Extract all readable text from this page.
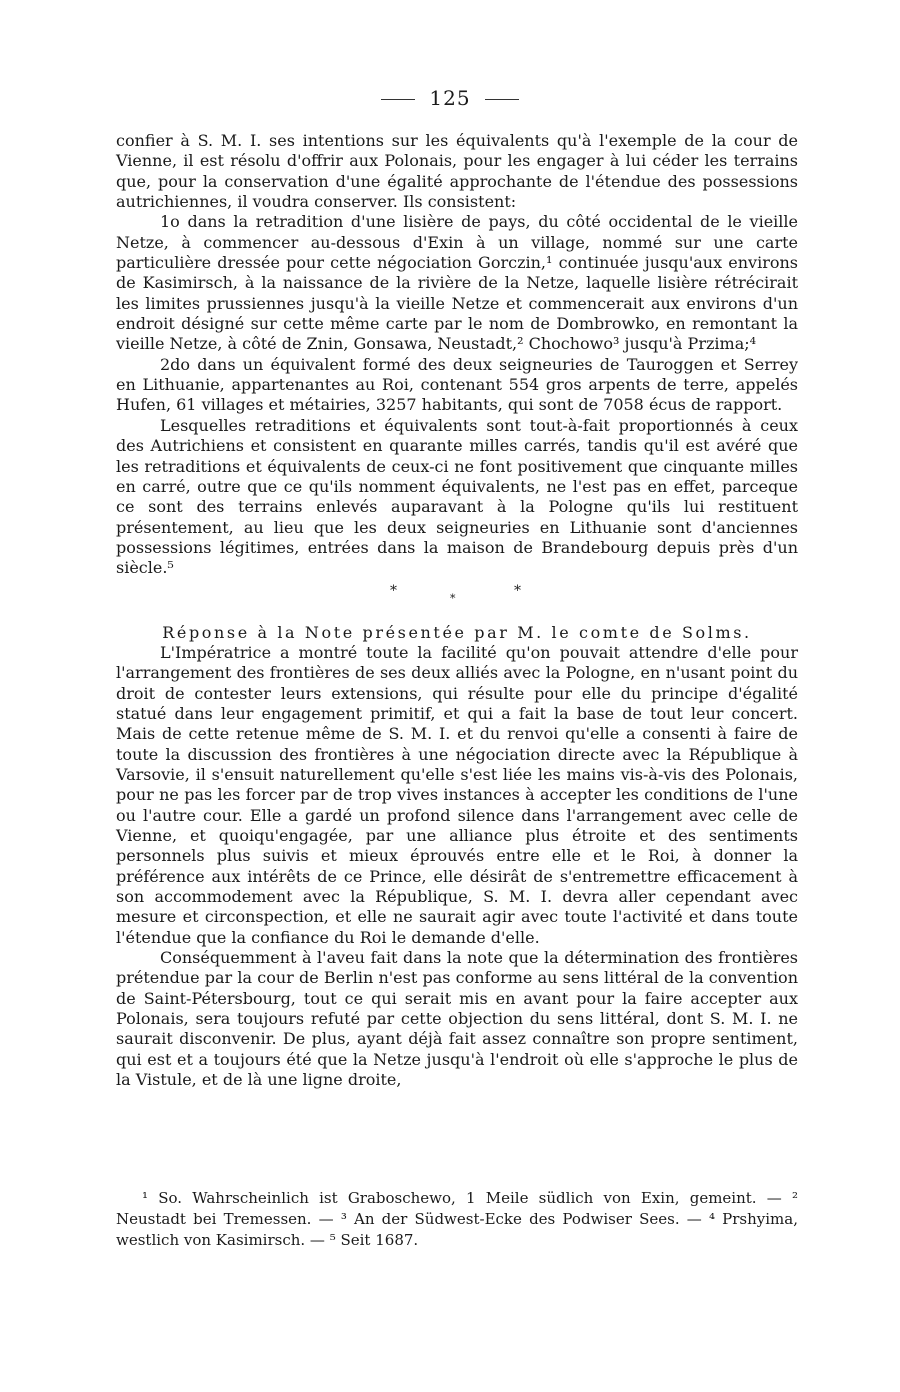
125

confier à S. M. I. ses intentions sur les équivalents qu'à l'exemple de la cour de Vienne, il est résolu d'offrir aux Polonais, pour les engager à lui céder les terrains que, pour la conservation d'une égalité approchante de l'étendue des possessions autrichiennes, il voudra conserver. Ils consistent:

1o dans la retradition d'une lisière de pays, du côté occidental de le vieille Netze, à commencer au-dessous d'Exin à un village, nommé sur une carte particulière dressée pour cette négociation Gorczin,¹ continuée jusqu'aux environs de Kasimirsch, à la naissance de la rivière de la Netze, laquelle lisière rétrécirait les limites prussiennes jusqu'à la vieille Netze et commencerait aux environs d'un endroit désigné sur cette même carte par le nom de Dombrowko, en remontant la vieille Netze, à côté de Znin, Gonsawa, Neustadt,² Chochowo³ jusqu'à Przima;⁴

2do dans un équivalent formé des deux seigneuries de Tauroggen et Serrey en Lithuanie, appartenantes au Roi, contenant 554 gros arpents de terre, appelés Hufen, 61 villages et métairies, 3257 habitants, qui sont de 7058 écus de rapport.

Lesquelles retraditions et équivalents sont tout-à-fait proportionnés à ceux des Autrichiens et consistent en quarante milles carrés, tandis qu'il est avéré que les retraditions et équivalents de ceux-ci ne font positivement que cinquante milles en carré, outre que ce qu'ils nomment équivalents, ne l'est pas en effet, parceque ce sont des terrains enlevés auparavant à la Pologne qu'ils lui restituent présentement, au lieu que les deux seigneuries en Lithuanie sont d'anciennes possessions légitimes, entrées dans la maison de Brandebourg depuis près d'un siècle.⁵

*	*	*

Réponse à la Note présentée par M. le comte de Solms.

L'Impératrice a montré toute la facilité qu'on pouvait attendre d'elle pour l'arrangement des frontières de ses deux alliés avec la Pologne, en n'usant point du droit de contester leurs extensions, qui résulte pour elle du principe d'égalité statué dans leur engagement primitif, et qui a fait la base de tout leur concert. Mais de cette retenue même de S. M. I. et du renvoi qu'elle a consenti à faire de toute la discussion des frontières à une négociation directe avec la République à Varsovie, il s'ensuit naturellement qu'elle s'est liée les mains vis-à-vis des Polonais, pour ne pas les forcer par de trop vives instances à accepter les conditions de l'une ou l'autre cour. Elle a gardé un profond silence dans l'arrangement avec celle de Vienne, et quoiqu'engagée, par une alliance plus étroite et des sentiments personnels plus suivis et mieux éprouvés entre elle et le Roi, à donner la préférence aux intérêts de ce Prince, elle désirât de s'entremettre efficacement à son accommodement avec la République, S. M. I. devra aller cependant avec mesure et circonspection, et elle ne saurait agir avec toute l'activité et dans toute l'étendue que la confiance du Roi le demande d'elle.

Conséquemment à l'aveu fait dans la note que la détermination des frontières prétendue par la cour de Berlin n'est pas conforme au sens littéral de la convention de Saint-Pétersbourg, tout ce qui serait mis en avant pour la faire accepter aux Polonais, sera toujours refuté par cette objection du sens littéral, dont S. M. I. ne saurait disconvenir. De plus, ayant déjà fait assez connaître son propre sentiment, qui est et a toujours été que la Netze jusqu'à l'endroit où elle s'approche le plus de la Vistule, et de là une ligne droite,

¹ So. Wahrscheinlich ist Graboschewo, 1 Meile südlich von Exin, gemeint. — ² Neustadt bei Tremessen. — ³ An der Südwest-Ecke des Podwiser Sees. — ⁴ Prshyima, westlich von Kasimirsch. — ⁵ Seit 1687.
